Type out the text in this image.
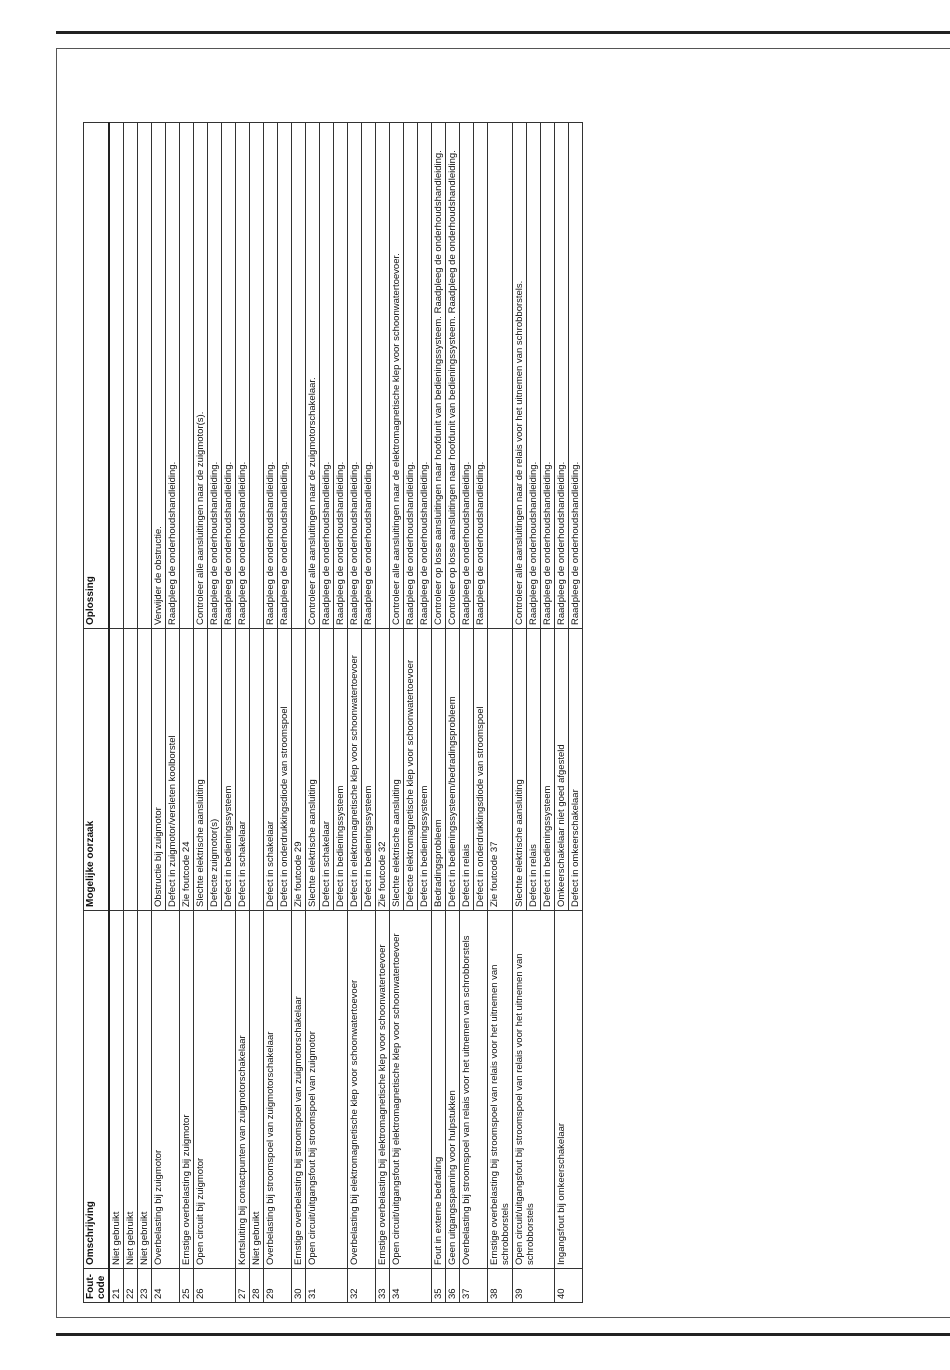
Fout-code	Omschrijving	Mogelijke oorzaak	Oplossing
21	Niet gebruikt		
22	Niet gebruikt		
23	Niet gebruikt		
24	Overbelasting bij zuigmotor	Obstructie bij zuigmotor	Verwijder de obstructie.
		Defect in zuigmotor/versleten koolborstel	Raadpleeg de onderhoudshandleiding.
25	Ernstige overbelasting bij zuigmotor	Zie foutcode 24	
26	Open circuit bij zuigmotor	Slechte elektrische aansluiting	Controleer alle aansluitingen naar de zuigmotor(s).
		Defecte zuigmotor(s)	Raadpleeg de onderhoudshandleiding.
		Defect in bedieningssysteem	Raadpleeg de onderhoudshandleiding.
27	Kortsluiting bij contactpunten van zuigmotorschakelaar	Defect in schakelaar	Raadpleeg de onderhoudshandleiding.
28	Niet gebruikt		
29	Overbelasting bij stroomspoel van zuigmotorschakelaar	Defect in schakelaar	Raadpleeg de onderhoudshandleiding.
		Defect in onderdrukkingsdiode van stroomspoel	Raadpleeg de onderhoudshandleiding.
30	Ernstige overbelasting bij stroomspoel van zuigmotorschakelaar	Zie foutcode 29	
31	Open circuit/uitgangsfout bij stroomspoel van zuigmotor	Slechte elektrische aansluiting	Controleer alle aansluitingen naar de zuigmotorschakelaar.
		Defect in schakelaar	Raadpleeg de onderhoudshandleiding.
		Defect in bedieningssysteem	Raadpleeg de onderhoudshandleiding.
32	Overbelasting bij elektromagnetische klep voor schoonwatertoevoer	Defect in elektromagnetische klep voor schoonwatertoevoer	Raadpleeg de onderhoudshandleiding.
		Defect in bedieningssysteem	Raadpleeg de onderhoudshandleiding.
33	Ernstige overbelasting bij elektromagnetische klep voor schoonwatertoevoer	Zie foutcode 32	
34	Open circuit/uitgangsfout bij elektromagnetische klep voor schoonwatertoevoer	Slechte elektrische aansluiting	Controleer alle aansluitingen naar de elektromagnetische klep voor schoonwatertoevoer.
		Defecte elektromagnetische klep voor schoonwatertoevoer	Raadpleeg de onderhoudshandleiding.
		Defect in bedieningssysteem	Raadpleeg de onderhoudshandleiding.
35	Fout in externe bedrading	Bedradingsprobleem	Controleer op losse aansluitingen naar hoofdunit van bedieningssysteem. Raadpleeg de onderhoudshandleiding.
36	Geen uitgangsspanning voor hulpstukken	Defect in bedieningssysteem/bedradingsprobleem	Controleer op losse aansluitingen naar hoofdunit van bedieningssysteem. Raadpleeg de onderhoudshandleiding.
37	Overbelasting bij stroomspoel van relais voor het uitnemen van schrobborstels	Defect in relais	Raadpleeg de onderhoudshandleiding.
		Defect in onderdrukkingsdiode van stroomspoel	Raadpleeg de onderhoudshandleiding.
38	Ernstige overbelasting bij stroomspoel van relais voor het uitnemen van schrobborstels	Zie foutcode 37	
39	Open circuit/uitgangsfout bij stroomspoel van relais voor het uitnemen van schrobborstels	Slechte elektrische aansluiting	Controleer alle aansluitingen naar de relais voor het uitnemen van schrobborstels.
		Defect in relais	Raadpleeg de onderhoudshandleiding.
		Defect in bedieningssysteem	Raadpleeg de onderhoudshandleiding.
40	Ingangsfout bij omkeerschakelaar	Omkeerschakelaar niet goed afgesteld	Raadpleeg de onderhoudshandleiding.
		Defect in omkeerschakelaar	Raadpleeg de onderhoudshandleiding.
